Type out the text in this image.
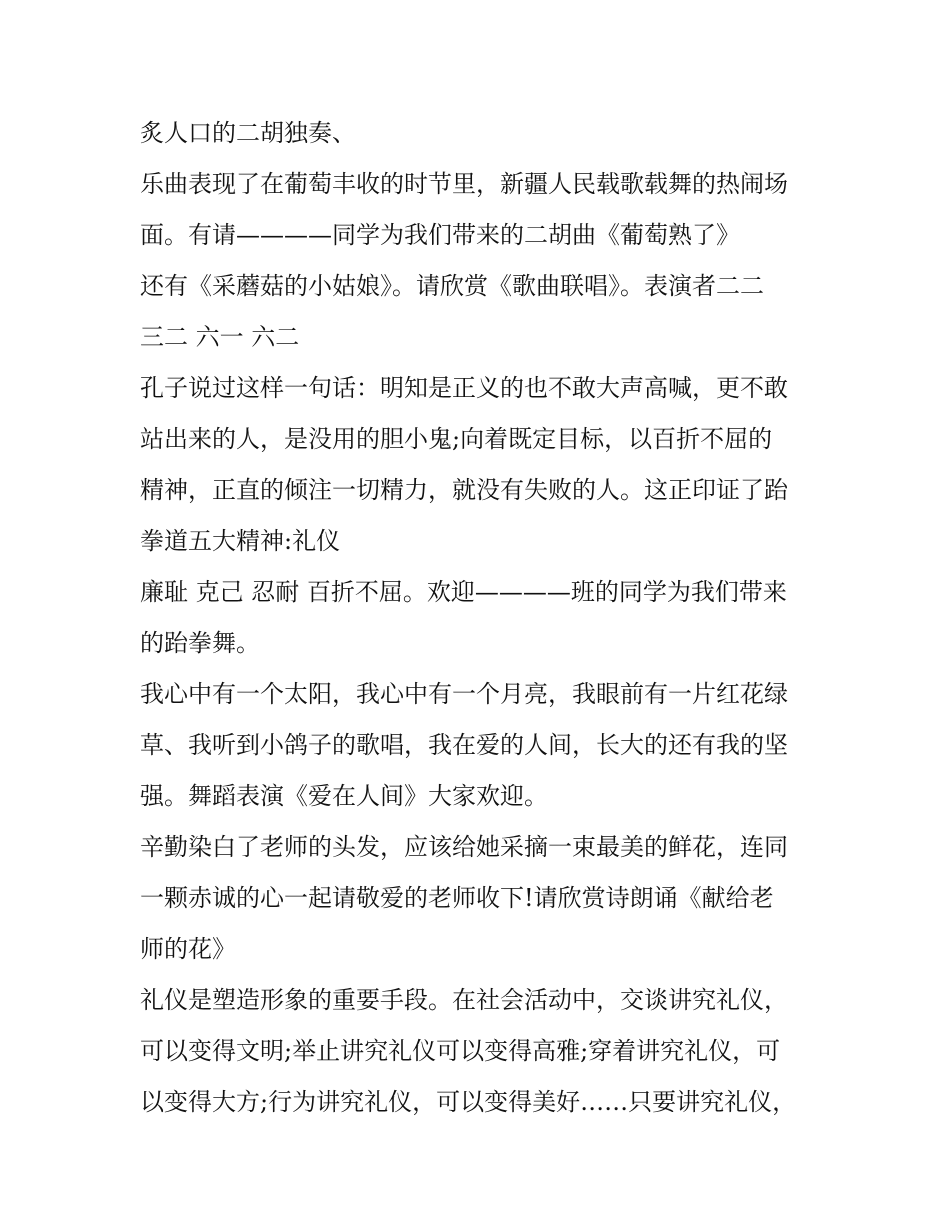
炙人口的二胡独奏、

乐曲表现了在葡萄丰收的时节里，新疆人民载歌载舞的热闹场

面。有请————同学为我们带来的二胡曲《葡萄熟了》

还有《采蘑菇的小姑娘》。请欣赏《歌曲联唱》。表演者二二

三二 六一 六二

孔子说过这样一句话：明知是正义的也不敢大声高喊，更不敢

站出来的人，是没用的胆小鬼;向着既定目标，以百折不屈的

精神，正直的倾注一切精力，就没有失败的人。这正印证了跆

拳道五大精神:礼仪

廉耻 克己 忍耐 百折不屈。欢迎————班的同学为我们带来

的跆拳舞。

我心中有一个太阳，我心中有一个月亮，我眼前有一片红花绿

草、我听到小鸽子的歌唱，我在爱的人间，长大的还有我的坚

强。舞蹈表演《爱在人间》大家欢迎。

辛勤染白了老师的头发，应该给她采摘一束最美的鲜花，连同

一颗赤诚的心一起请敬爱的老师收下!请欣赏诗朗诵《献给老

师的花》

礼仪是塑造形象的重要手段。在社会活动中，交谈讲究礼仪，

可以变得文明;举止讲究礼仪可以变得高雅;穿着讲究礼仪，可

以变得大方;行为讲究礼仪，可以变得美好……只要讲究礼仪，
